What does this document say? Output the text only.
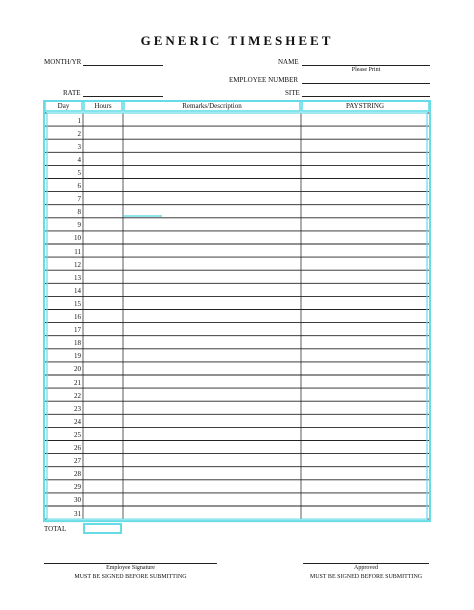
GENERIC TIMESHEET
MONTH/YR
RATE
NAME
Please Print
EMPLOYEE NUMBER
SITE
Day	Hours	Remarks/Description	PAYSTRING
1
2
3
4
5
6
7
8
9
10
11
12
13
14
15
16
17
18
19
20
21
22
23
24
25
26
27
28
29
30
31
TOTAL
Employee Signature
MUST BE SIGNED BEFORE SUBMITTING
Approved
MUST BE SIGNED BEFORE SUBMITTING
